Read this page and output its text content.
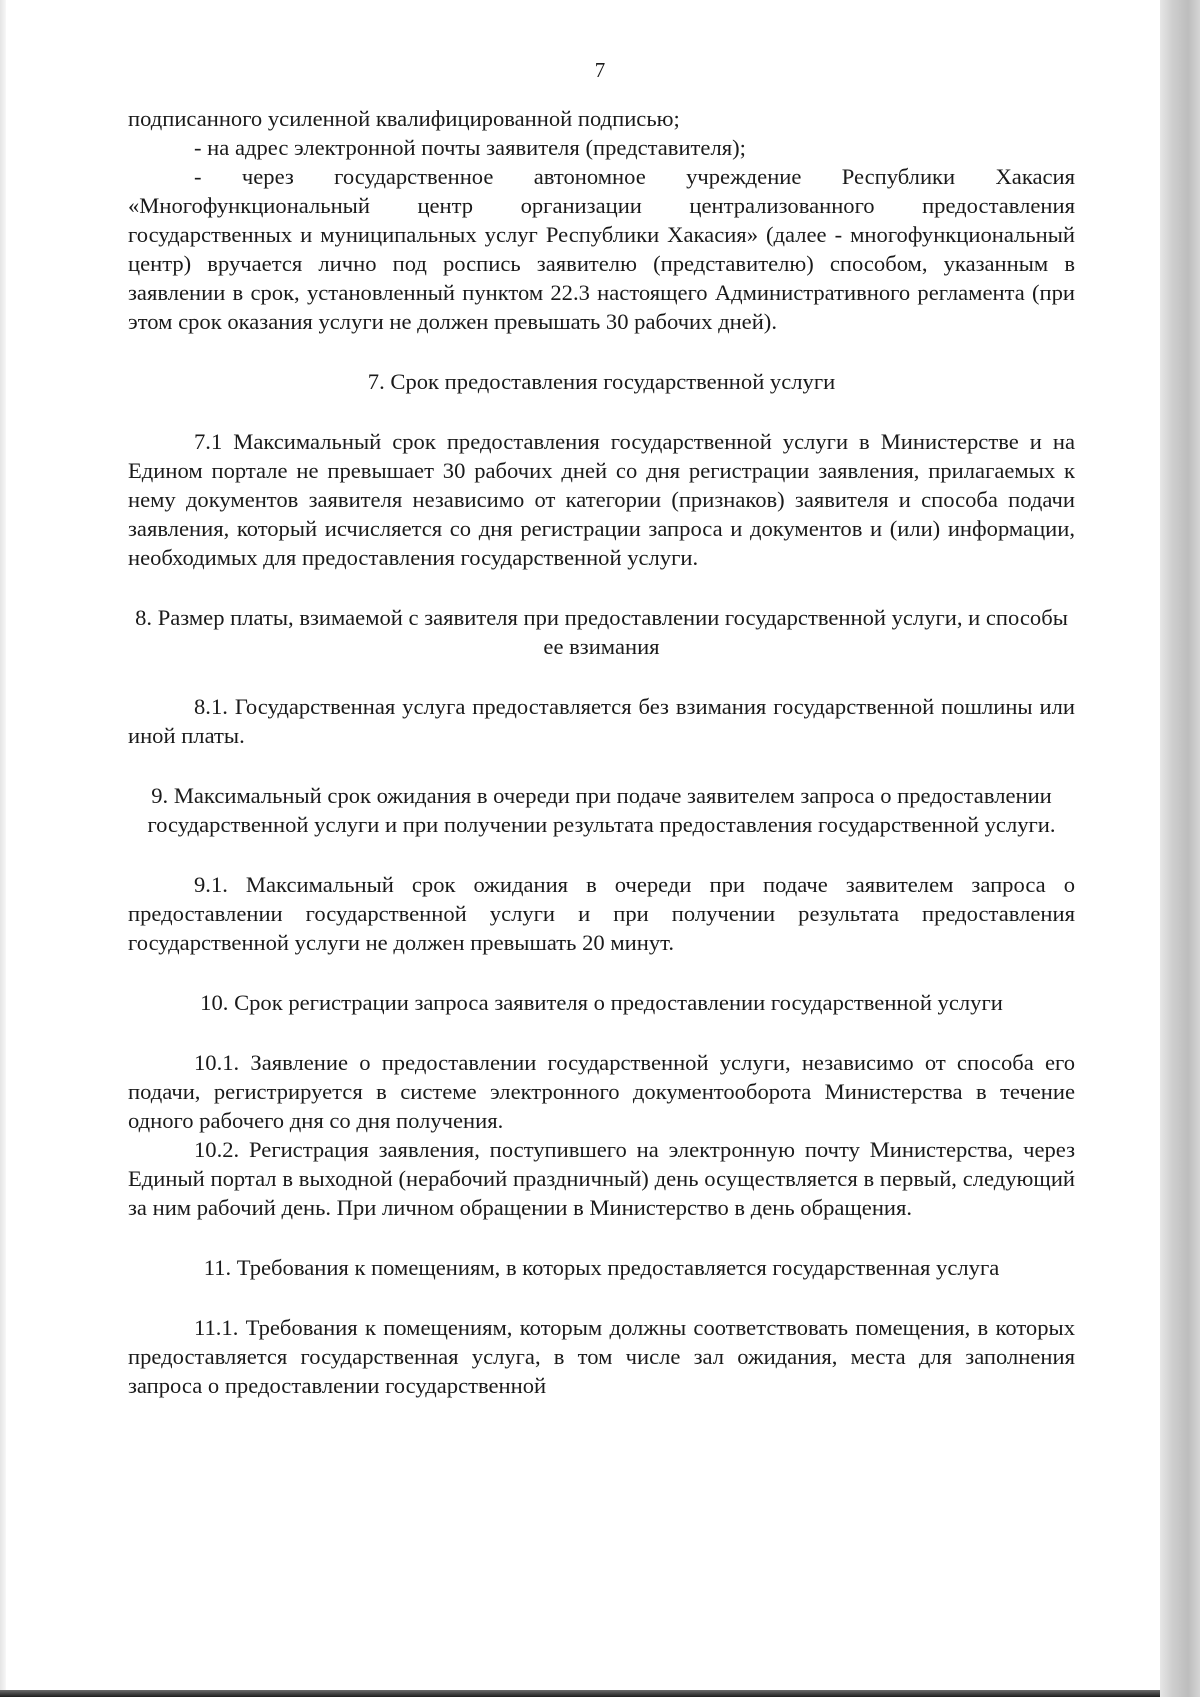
7

подписанного усиленной квалифицированной подписью;

- на адрес электронной почты заявителя (представителя);

- через государственное автономное учреждение Республики Хакасия «Многофункциональный центр организации централизованного предоставления государственных и муниципальных услуг Республики Хакасия» (далее - многофункциональный центр) вручается лично под роспись заявителю (представителю) способом, указанным в заявлении в срок, установленный пунктом 22.3 настоящего Административного регламента (при этом срок оказания услуги не должен превышать 30 рабочих дней).

7. Срок предоставления государственной услуги

7.1 Максимальный срок предоставления государственной услуги в Министерстве и на Едином портале не превышает 30 рабочих дней со дня регистрации заявления, прилагаемых к нему документов заявителя независимо от категории (признаков) заявителя и способа подачи заявления, который исчисляется со дня регистрации запроса и документов и (или) информации, необходимых для предоставления государственной услуги.

8. Размер платы, взимаемой с заявителя при предоставлении государственной услуги, и способы ее взимания

8.1. Государственная услуга предоставляется без взимания государственной пошлины или иной платы.

9. Максимальный срок ожидания в очереди при подаче заявителем запроса о предоставлении государственной услуги и при получении результата предоставления государственной услуги.

9.1. Максимальный срок ожидания в очереди при подаче заявителем запроса о предоставлении государственной услуги и при получении результата предоставления государственной услуги не должен превышать 20 минут.

10. Срок регистрации запроса заявителя о предоставлении государственной услуги

10.1. Заявление о предоставлении государственной услуги, независимо от способа его подачи, регистрируется в системе электронного документооборота Министерства в течение одного рабочего дня со дня получения.

10.2. Регистрация заявления, поступившего на электронную почту Министерства, через Единый портал в выходной (нерабочий праздничный) день осуществляется в первый, следующий за ним рабочий день. При личном обращении в Министерство в день обращения.

11. Требования к помещениям, в которых предоставляется государственная услуга

11.1. Требования к помещениям, которым должны соответствовать помещения, в которых предоставляется государственная услуга, в том числе зал ожидания, места для заполнения запроса о предоставлении государственной
